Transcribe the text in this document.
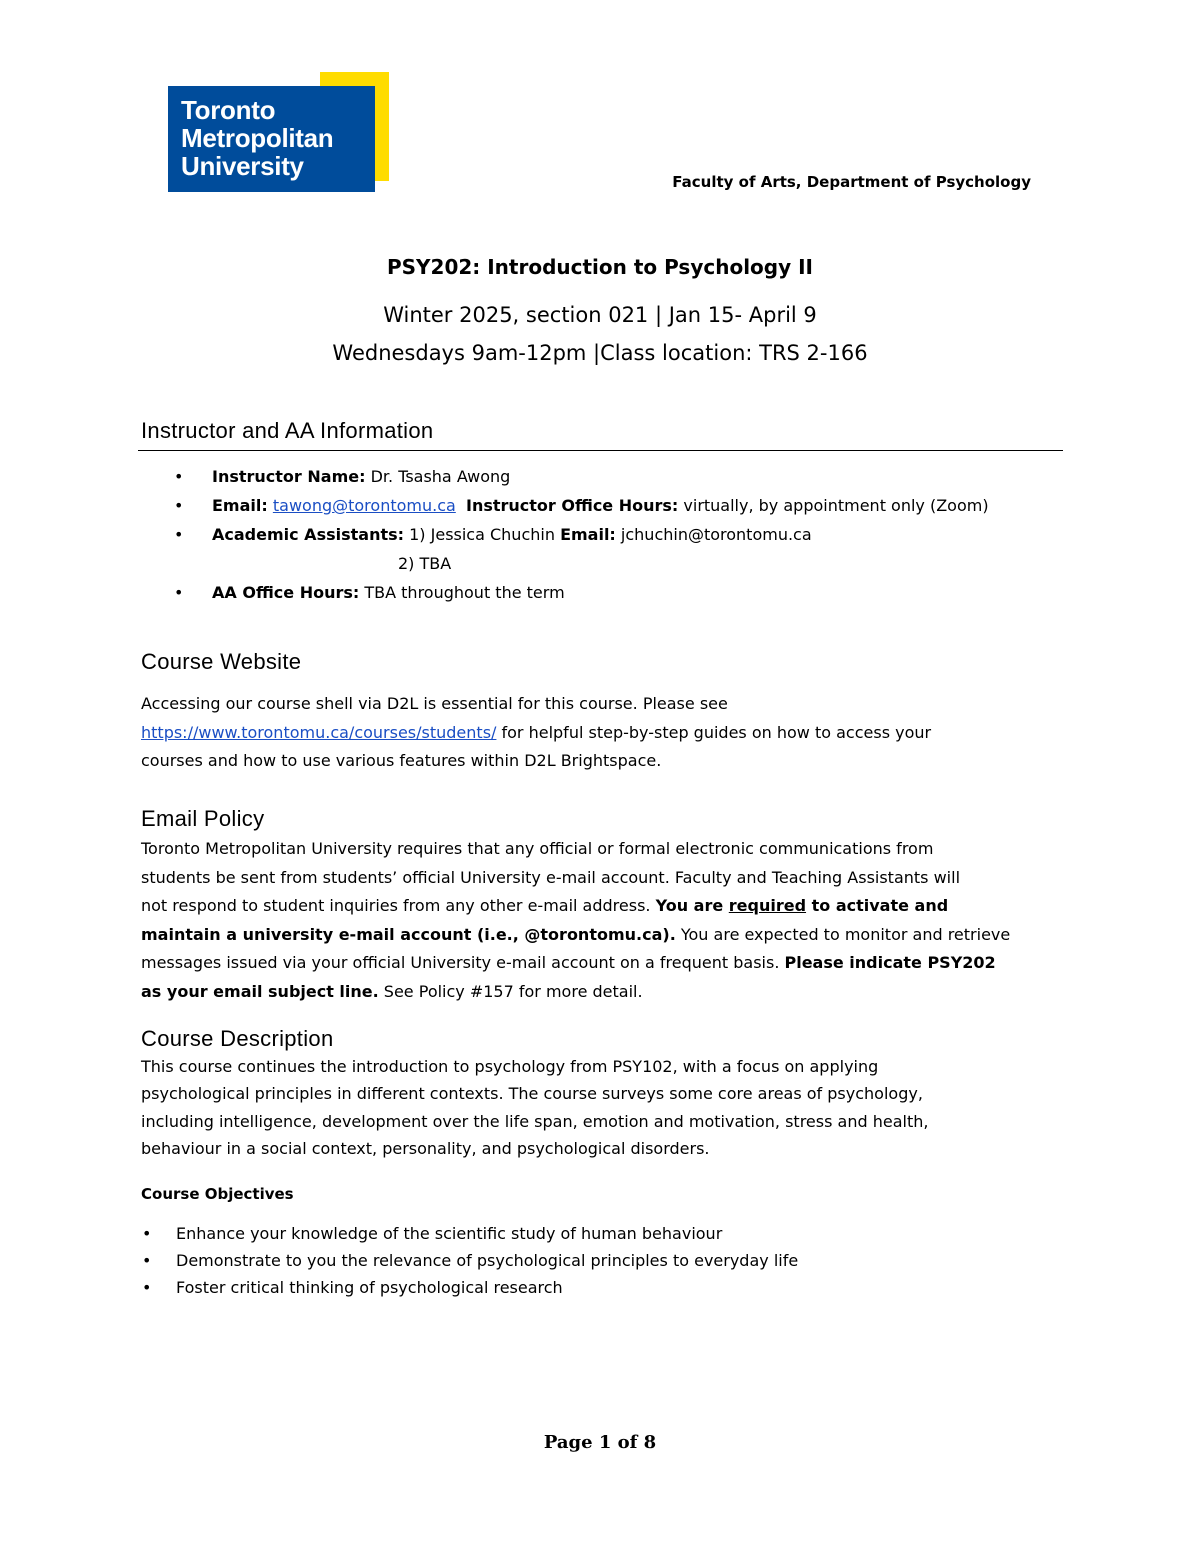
Toronto
Metropolitan
University
Faculty of Arts, Department of Psychology
PSY202: Introduction to Psychology II
Winter 2025, section 021 | Jan 15- April 9
Wednesdays 9am-12pm |Class location: TRS 2-166
Instructor and AA Information
• Instructor Name: Dr. Tsasha Awong
• Email: tawong@torontomu.ca Instructor Office Hours: virtually, by appointment only (Zoom)
• Academic Assistants: 1) Jessica Chuchin Email: jchuchin@torontomu.ca
2) TBA
• AA Office Hours: TBA throughout the term
Course Website

Accessing our course shell via D2L is essential for this course. Please see

https://www.torontomu.ca/courses/students/ for helpful step-by-step guides on how to access your

courses and how to use various features within D2L Brightspace.

Email Policy

Toronto Metropolitan University requires that any official or formal electronic communications from

students be sent from students’ official University e-mail account. Faculty and Teaching Assistants will

not respond to student inquiries from any other e-mail address. You are required to activate and

maintain a university e-mail account (i.e., @torontomu.ca). You are expected to monitor and retrieve

messages issued via your official University e-mail account on a frequent basis. Please indicate PSY202

as your email subject line. See Policy #157 for more detail.

Course Description

This course continues the introduction to psychology from PSY102, with a focus on applying

psychological principles in different contexts. The course surveys some core areas of psychology,

including intelligence, development over the life span, emotion and motivation, stress and health,

behaviour in a social context, personality, and psychological disorders.

Course Objectives
• Enhance your knowledge of the scientific study of human behaviour
• Demonstrate to you the relevance of psychological principles to everyday life
• Foster critical thinking of psychological research
Page 1 of 8
